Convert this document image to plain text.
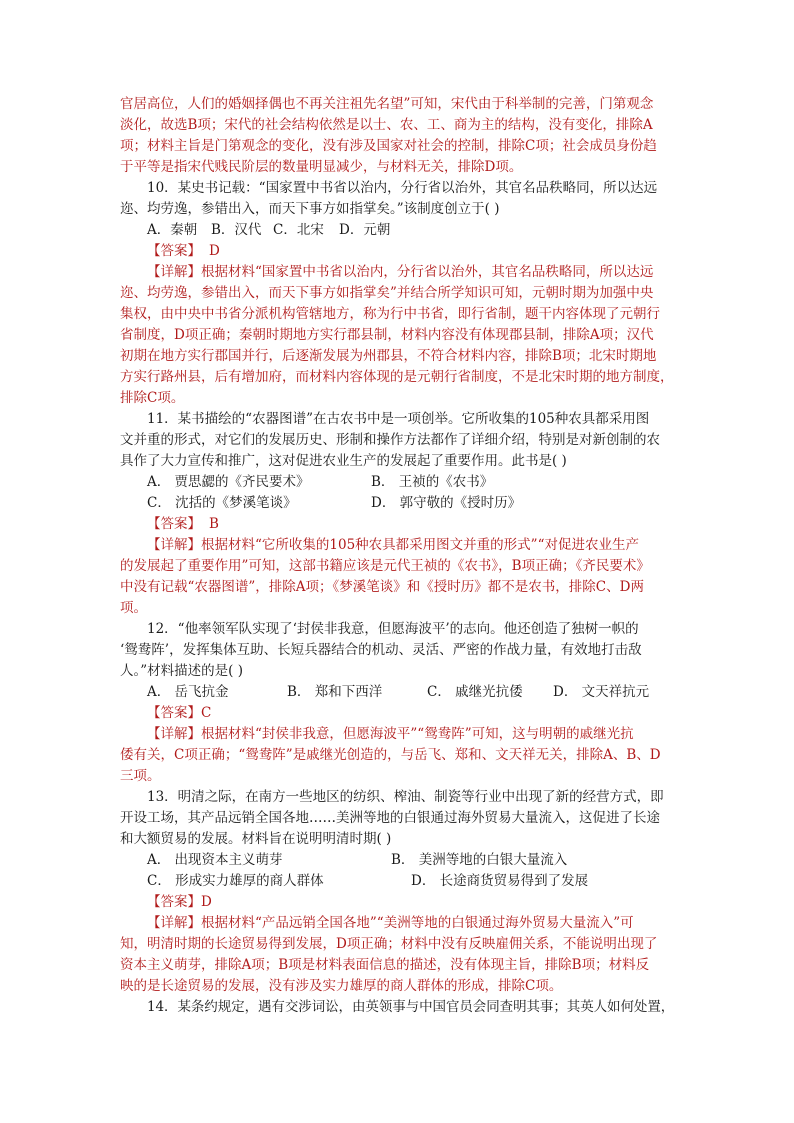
官居高位，人们的婚姻择偶也不再关注祖先名望”可知，宋代由于科举制的完善，门第观念
淡化，故选B项；宋代的社会结构依然是以士、农、工、商为主的结构，没有变化，排除A
项；材料主旨是门第观念的变化，没有涉及国家对社会的控制，排除C项；社会成员身份趋
于平等是指宋代贱民阶层的数量明显减少，与材料无关，排除D项。
10．某史书记载：“国家置中书省以治内，分行省以治外，其官名品秩略同，所以达远
迩、均劳逸，参错出入，而天下事方如指掌矣。”该制度创立于( )
A．秦朝	B．汉代 C．北宋	D．元朝
【答案】 D
【详解】根据材料“国家置中书省以治内，分行省以治外，其官名品秩略同，所以达远
迩、均劳逸，参错出入，而天下事方如指掌矣”并结合所学知识可知，元朝时期为加强中央
集权，由中央中书省分派机构管辖地方，称为行中书省，即行省制，题干内容体现了元朝行
省制度，D项正确；秦朝时期地方实行郡县制，材料内容没有体现郡县制，排除A项；汉代
初期在地方实行郡国并行，后逐渐发展为州郡县，不符合材料内容，排除B项；北宋时期地
方实行路州县，后有增加府，而材料内容体现的是元朝行省制度，不是北宋时期的地方制度，
排除C项。
11．某书描绘的“农器图谱”在古农书中是一项创举。它所收集的105种农具都采用图
文并重的形式，对它们的发展历史、形制和操作方法都作了详细介绍，特别是对新创制的农
具作了大力宣传和推广，这对促进农业生产的发展起了重要作用。此书是( )
A． 贾思勰的《齐民要术》	B． 王祯的《农书》
C． 沈括的《梦溪笔谈》	D． 郭守敬的《授时历》
【答案】 B
【详解】根据材料“它所收集的105种农具都采用图文并重的形式”“对促进农业生产
的发展起了重要作用”可知，这部书籍应该是元代王祯的《农书》，B项正确；《齐民要术》
中没有记载“农器图谱”，排除A项；《梦溪笔谈》和《授时历》都不是农书，排除C、D两
项。
12．“他率领军队实现了‘封侯非我意，但愿海波平’的志向。他还创造了独树一帜的
‘鸳鸯阵’，发挥集体互助、长短兵器结合的机动、灵活、严密的作战力量，有效地打击敌
人。”材料描述的是( )
A． 岳飞抗金	B． 郑和下西洋	C． 戚继光抗倭	D． 文天祥抗元
【答案】C
【详解】根据材料“封侯非我意，但愿海波平”“鸳鸯阵”可知，这与明朝的戚继光抗
倭有关，C项正确；“鸳鸯阵”是戚继光创造的，与岳飞、郑和、文天祥无关，排除A、B、D
三项。
13．明清之际，在南方一些地区的纺织、榨油、制瓷等行业中出现了新的经营方式，即
开设工场，其产品远销全国各地……美洲等地的白银通过海外贸易大量流入，这促进了长途
和大额贸易的发展。材料旨在说明明清时期( )
A． 出现资本主义萌芽	B． 美洲等地的白银大量流入
C． 形成实力雄厚的商人群体	D． 长途商货贸易得到了发展
【答案】D
【详解】根据材料“产品远销全国各地”“美洲等地的白银通过海外贸易大量流入”可
知，明清时期的长途贸易得到发展，D项正确；材料中没有反映雇佣关系，不能说明出现了
资本主义萌芽，排除A项；B项是材料表面信息的描述，没有体现主旨，排除B项；材料反
映的是长途贸易的发展，没有涉及实力雄厚的商人群体的形成，排除C项。
14．某条约规定，遇有交涉词讼，由英领事与中国官员会同查明其事；其英人如何处置，
